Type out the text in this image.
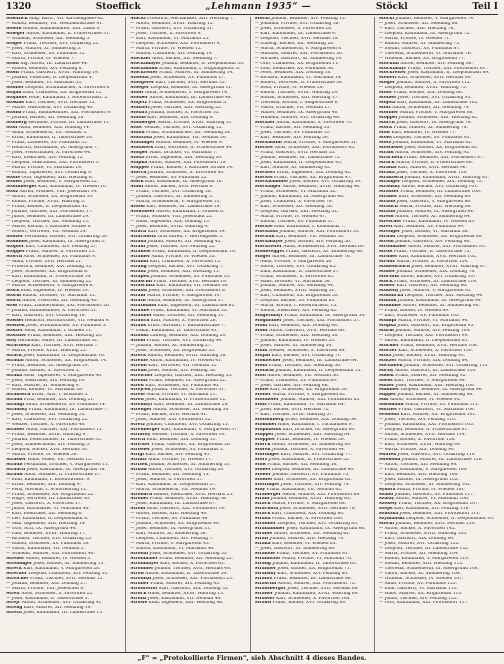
1320	Stoeffick	„Lehmann 1935“ —	Stöckl	Teil I
Stoeffick Mag. Bartl., VII. Kirchengasse 42.
— Rudolf, Beamter, VII. Westbahnstraße 41.
Stoeffl Rudolf, Bahnbeamter, XIII. Lainz 9.
Stoeger Anton, Kaufmann, II. Praterstraße 31.
— Wilhelm, Schlosser, XII. Meidling 5.
Stöger Franz, Tischler, XVI. Ottakring 22.
— Josef, Maurer, XI. Simmering 5.
— Karl, Schneider, XV. Fünfhaus 12.
— Maria, Private, IV. Wieden 7.
Stohl Ing. Alfred, III. Landstraße 44.
— Rudolf, Beamter, XIV. Penzing 8.
Stöhr Franz, Gastwirt, XVIII. Währing 19.
— Johann, Fleischer, II. Leopoldstadt 4.
— Josef, Beamter, VI. Mariahilf 33.
Stoiber Leopold, Schuhmacher, X. Favoriten 6.
Stojan Emil, Chauffeur, XX. Brigittenau 12.
Stojanov Petar, Kaufmann, I. Rotenturmstr. 3.
Stoklas Karl, Tischler, XVII. Hernals 15.
— Marie, Wäscherin, XVI. Ottakring 40.
Stolba Franz, Bahnbeamter, XXI. Floridsdorf 9.
— Johann, Bäcker, XII. Meidling 28.
Stolberg Hermine, Private, III. Landstraße 11.
Stoll Adolf, Beamter, XIX. Döbling 14.
— Anna, Schneiderin, VII. Neubau 5.
— Ernst, Kaufmann, II. Taborstraße 20.
— Franz, Lackierer, XV. Fünfhaus 31.
— Heinrich, Buchhalter, IX. Alsergrund 7.
— Josef, Fleischhauer, X. Favoriten 44.
— Karl, Elektriker, XIV. Penzing 12.
— Leopold, Maschinist, XXI. Floridsdorf 3.
— Maria, Private, VI. Mariahilf 18.
— Rudolf, Tapezierer, XVI. Ottakring 9.
Stolle Otto, Ingenieur, XIII. Hietzing 6.
Stoller Josef, Beamter, V. Margareten 22.
Stollnberger Karl, Kaufmann, IV. Wieden 10.
Stolz Alfred, Musiker, VIII. Josefstadt 14.
— Anton, Schlosser, XX. Brigittenau 30.
— Emma, Private, XVIII. Währing 5.
— Franz, Kellner, II. Leopoldstadt 41.
— Johann, Gärtner, XXI. Floridsdorf 17.
— Julius, Beamter, III. Landstraße 29.
— Leopold, Tischler, XII. Meidling 13.
— Marie, Köchin, I. Kärntner Straße 8.
— Robert, Vertreter, VII. Neubau 24.
Stolzer Ferdinand, Bäcker, XVI. Ottakring 50.
Stommel Josef, Kaufmann, IX. Alsergrund 3.
Stopfer Karl, Chauffeur, XIV. Penzing 27.
Stoppel Franz, Maurer, X. Favoriten 15.
Storch Alois, Schneider, XV. Fünfhaus 9.
— Anna, Private, XVII. Hernals 21.
— Friedrich, Beamter, XIX. Döbling 33.
— Josef, Schlosser, XX. Brigittenau 8.
— Karl, Kaufmann, II. Praterstraße 14.
— Leopold, Tischler, XI. Simmering 22.
— Maria, Schneiderin, V. Margareten 6.
Stork Emil, Ingenieur, IV. Wieden 19.
Storm Rudolf, Drucker, VI. Mariahilf 12.
Stortz Anton, Fleischer, XII. Meidling 40.
Stoß Franz, Zimmermann, XXI. Floridsdorf 26.
— Johann, Bahnbeamter, X. Favoriten 31.
— Karl, Gastwirt, XVI. Ottakring 18.
Stössel Heinrich, Buchdrucker, VII. Neubau 9.
Stoszek Josef, Schuhmacher, XV. Fünfhaus 5.
Stotter Alois, Kaufmann, I. Graben 11.
Stöttner Franz, Beamter, XIII. Hietzing 20.
Stoy Hermann, Maler, III. Landstraße 52.
Strachota Karl, Tischler, XVII. Hernals 7.
— Maria, Private, XVIII. Währing 23.
Strack Josef, Kaufmann, II. Leopoldstadt 16.
Stradal Anton, Schlosser, XX. Brigittenau 14.
— Franz, Beamter, IX. Alsergrund 29.
— Johann, Bäcker, X. Favoriten 3.
Straka Alois, Tapezierer, V. Margareten 40.
— Josef, Elektriker, XIV. Penzing 16.
— Karl, Maurer, XI. Simmering 9.
— Rudolf, Kellner, VI. Mariahilf 28.
Strakosch Ernst, Arzt, I. Wollzeile 5.
Strand Fritz, Beamter, XIX. Döbling 21.
Strangl Anna, Schneiderin, XV. Fünfhaus 14.
Stransky Franz, Kaufmann, III. Landstraße 7.
— Josef, Schlosser, XII. Meidling 35.
— Karl, Chauffeur, XVI. Ottakring 22.
— Wenzel, Tischler, X. Favoriten 48.
Straßer Adolf, Gärtner, XXI. Floridsdorf 11.
— Franz, Beamter, XVIII. Währing 9.
— Johann, Fleischhauer, II. Taborstraße 33.
— Josef, Zimmermann, XIV. Penzing 5.
— Leopold, Bäcker, XVII. Hernals 30.
— Maria, Private, IV. Wieden 26.
Strasser Hans, Maler, VII. Neubau 15.
Straub Ferdinand, Drucker, V. Margareten 11.
Strauch Josef, Kaufmann, IX. Alsergrund 18.
Strauß Adolf, Musiker, II. Praterstraße 27.
— Emil, Kaufmann, I. Rotenturmstr. 9.
— Ernst, Beamter, XIX. Döbling 4.
— Felix, Advokat, I. Schottenring 12.
— Franz, Schneider, XX. Brigittenau 22.
— Hugo, Vertreter, III. Landstraße 36.
— Josef, Gastwirt, X. Favoriten 17.
— Julius, Buchhalter, VI. Mariahilf 40.
— Karl, Elektriker, XII. Meidling 6.
— Leo, Kaufmann, II. Leopoldstadt 8.
— Max, Ingenieur, XIII. Hietzing 14.
— Otto, Arzt, IX. Alsergrund 44.
— Paul, Beamter, XVIII. Währing 17.
— Richard, Tischler, XVI. Ottakring 25.
— Rudolf, Schlosser, XV. Fünfhaus 18.
— Viktor, Kaufmann, VII. Neubau 2.
— Wilhelm, Maurer, XXI. Floridsdorf 40.
Streber Anton, Beamter, IV. Wieden 3.
Strebinger Josef, Bäcker, XI. Simmering 15.
Streck Karl, Kaufmann, V. Margareten 28.
Strecker Leopold, Chauffeur, XIV. Penzing 31.
Streicher Franz, Tischler, XVII. Hernals 12.
— Johann, Beamter, XIX. Döbling 27.
— Maria, Private, VIII. Josefstadt 6.
Streit Alois, Schlosser, X. Favoriten 22.
— Josef, Kaufmann, II. Taborstraße 5.
Strejc Anton, Schneider, XVI. Ottakring 41.
Streng Karl, Maurer, XII. Meidling 19.
Stretti Josef, Kaufmann, III. Landstraße 15.
Stöckl Friedrich, Mechaniker, XIII. Hietzing 7.
— Anton, Beamter, XVIII. Währing 12.
— Franz, Gastwirt, XVI. Ottakring 31.
— Josef, Tischler, X. Favoriten 9.
— Karl, Kaufmann, VI. Mariahilf 25.
— Leopold, Schlosser, XXI. Floridsdorf 4.
— Maria, Private, IV. Wieden 12.
— Rudolf, Chauffeur, XIV. Penzing 19.
Stöckler Alois, Bäcker, XII. Meidling 7.
Stöcklmayer Johann, Beamter, II. Leopoldstadt 30.
Stockmann Ernst, Kaufmann, I. Wipplingerstr. 8.
Stockreiter Franz, Maurer, XI. Simmering 14.
Stodola Josef, Schneider, XV. Fünfhaus 27.
Stoegerer Karl, Tischler, XVII. Hernals 33.
Stoeger Leopold, Beamter, IX. Alsergrund 11.
Stöhr Anna, Schneiderin, V. Margareten 14.
Stoiber Anton, Kaufmann, III. Landstraße 48.
Stojetz Franz, Schlosser, XX. Brigittenau 5.
Stöklerl Josef, Gärtner, XIII. Hietzing 22.
Stolarz Johann, Bäcker, X. Favoriten 35.
Stolba Karl, Beamter, XIX. Döbling 8.
Stolberger Maria, Private, XVIII. Währing 31.
Stolc Wenzel, Tischler, XVI. Ottakring 12.
Stolfa Franz, Schuhmacher, XII. Meidling 24.
Stolitzka Josef, Kaufmann, VII. Neubau 30.
Stöllinger Rudolf, Beamter, IV. Wieden 9.
Stollwerk Emil, Vertreter, II. Praterstraße 44.
Stolper Hans, Drucker, VI. Mariahilf 7.
Stoltz Ernst, Ingenieur, XIII. Hietzing 30.
Stopka Anton, Maurer, XXI. Floridsdorf 19.
Stopper Franz, Kellner, I. Kärntner Straße 14.
Storch Johann, Schlosser, X. Favoriten 40.
— Josef, Beamter, XV. Fünfhaus 22.
Stork Karl, Kaufmann, IX. Alsergrund 16.
Stößl Anton, Bäcker, XVII. Hernals 6.
— Franz, Tischler, XVI. Ottakring 38.
— Johann, Gastwirt, XI. Simmering 3.
— Maria, Schneiderin, V. Margareten 31.
Stössl Karl, Beamter, III. Landstraße 19.
Stowasser Alfred, Kaufmann, I. Graben 6.
— Franz, Musiker, VIII. Josefstadt 22.
— Hans, Ingenieur, XIX. Döbling 15.
— Josef, Beamter, XVIII. Währing 4.
Strach Karl, Schlosser, XX. Brigittenau 19.
Strachwitz Graf Alfred, I. Herrengasse 5.
Strada Johann, Maurer, XII. Meidling 42.
Strahl Josef, Tischler, XIV. Penzing 22.
Strakele Franz, Kaufmann, II. Leopoldstadt 19.
Stramer Anna, Private, IV. Wieden 35.
Strandl Karl, Chauffeur, X. Favoriten 12.
Strang Leopold, Bäcker, XVI. Ottakring 7.
Stranz Josef, Beamter, XIII. Hietzing 11.
Strapek Johann, Schneider, XV. Fünfhaus 33.
Straschil Franz, Tischler, XVII. Hernals 19.
Straschitz Karl, Kaufmann, VII. Neubau 36.
Strassl Josef, Schlosser, XXI. Floridsdorf 8.
Straßl Maria, Private, V. Margareten 19.
Stratil Anton, Beamter, IX. Alsergrund 37.
Stratmann Emil, Ingenieur, III. Landstraße 61.
Straube Franz, Kaufmann, VI. Mariahilf 33.
Strauber Hans, Drucker, XII. Meidling 11.
Strauch Karl, Maurer, X. Favoriten 26.
Straus Ernst, Advokat, I. Rathausstraße 7.
— Oskar, Kaufmann, II. Taborstraße 41.
Strausz Ludwig, Beamter, XIX. Döbling 29.
Strebl Franz, Tischler, XVI. Ottakring 44.
— Johann, Bäcker, XI. Simmering 27.
— Josef, Schlosser, XX. Brigittenau 33.
Streck Rudolf, Beamter, XVIII. Währing 26.
Strehle Anton, Kaufmann, IV. Wieden 41.
Strehn Karl, Vertreter, VII. Neubau 12.
Streibl Josef, Maurer, XIV. Penzing 38.
Streicher Leopold, Gärtner, XIII. Hietzing 35.
Streinz Franz, Beamter, IX. Alsergrund 22.
Streit Karl, Schneider, XV. Fünfhaus 40.
Strejcek Johann, Tischler, X. Favoriten 51.
Strele Maria, Private, VI. Mariahilf 21.
Strell Josef, Kaufmann, II. Praterstraße 12.
Stremayr Karl, Beamter, III. Landstraße 24.
Strenger Anton, Schlosser, XII. Meidling 30.
— Franz, Bäcker, XVII. Hernals 41.
— Josef, Maurer, XXI. Floridsdorf 32.
Stretz Johann, Chauffeur, XVI. Ottakring 15.
Streuberger Karl, Kaufmann, V. Margareten 37.
Stribrny Wenzel, Tischler, X. Favoriten 18.
Strich Emil, Beamter, XIX. Döbling 11.
Stricker Franz, Gastwirt, XX. Brigittenau 26.
Strieder Josef, Schneider, XV. Fünfhaus 3.
Strigl Karl, Bäcker, XIV. Penzing 41.
Strinzl Anna, Private, IV. Wieden 17.
Strizek Johann, Schlosser, XI. Simmering 31.
Strnad Anton, Tischler, XVI. Ottakring 29.
— Franz, Beamter, XII. Meidling 15.
— Josef, Maurer, X. Favoriten 57.
— Karl, Kaufmann, II. Leopoldstadt 27.
— Maria, Schneiderin, VII. Neubau 19.
Strobach Rudolf, Elektriker, XVII. Hernals 25.
Strobel Franz, Beamter, XVIII. Währing 38.
— Josef, Kaufmann, III. Landstraße 67.
Strobl Alois, Gastwirt, XXI. Floridsdorf 14.
— Anton, Bäcker, XIII. Hietzing 40.
— Franz, Tischler, XV. Fünfhaus 48.
— Johann, Schlosser, XX. Brigittenau 40.
— Josef, Beamter, IX. Alsergrund 31.
— Karl, Maurer, XI. Simmering 36.
— Leopold, Chauffeur, XIV. Penzing 7.
— Maria, Private, V. Margareten 43.
— Rudolf, Kaufmann, VI. Mariahilf 46.
Strohal Josef, Schneider, XVI. Ottakring 53.
Strohmaier Franz, Beamter, XII. Meidling 22.
Strohmayer Karl, Bäcker, X. Favoriten 63.
Strohmer Johann, Tischler, XVII. Hernals 48.
Stroß Anton, Kaufmann, II. Taborstraße 50.
Strouhal Josef, Schlosser, XXI. Floridsdorf 23.
Struber Franz, Maurer, XIV. Penzing 45.
Strubreiter Karl, Gastwirt, XIX. Döbling 35.
Struck Hans, Beamter, XVIII. Währing 13.
Strunz Josef, Kaufmann, VII. Neubau 44.
Struwe Emil, Ingenieur, XIII. Hietzing 46.
Stöckl Johann, Beamter, XIV. Penzing 13.
— Johanna, Private, XVI. Ottakring 36.
— Josef, Schlosser, X. Favoriten 28.
— Karl, Kaufmann, III. Landstraße 9.
— Leopold, Tischler, XVII. Hernals 18.
— Ludwig, Bäcker, XII. Meidling 26.
— Maria, Schneiderin, V. Margareten 8.
— Mathias, Maurer, XXI. Floridsdorf 36.
— Michael, Gastwirt, XI. Simmering 19.
— Otto, Chauffeur, XX. Brigittenau 11.
— Paul, Elektriker, XV. Fünfhaus 36.
— Peter, Beamter, XIX. Döbling 18.
— Richard, Kaufmann, VI. Mariahilf 14.
— Robert, Vertreter, II. Praterstraße 36.
— Rosa, Private, IV. Wieden 28.
— Rudolf, Tischler, XVIII. Währing 29.
— Stefan, Schlosser, XIII. Hietzing 17.
— Theresia, Köchin, I. Singerstraße 6.
— Viktor, Drucker, VII. Neubau 27.
— Walter, Beamter, IX. Alsergrund 40.
— Wilhelm, Maurer, XVI. Ottakring 48.
Stöckler Anton, Kaufmann, X. Favoriten 70.
— Franz, Bäcker, XII. Meidling 33.
— Josef, Tischler, XV. Fünfhaus 51.
— Karl, Beamter, XIV. Penzing 50.
Stöckmann Maria, Private, V. Margareten 51.
Stocker Alois, Schlosser, XXI. Floridsdorf 45.
— Franz, Gastwirt, XVII. Hernals 55.
— Johann, Beamter, III. Landstraße 72.
— Josef, Kaufmann, II. Leopoldstadt 45.
— Karl, Maurer, XI. Simmering 42.
Stockert Ernst, Ingenieur, XIX. Döbling 42.
Stöckel Franz, Tischler, XX. Brigittenau 47.
Stockhammer Josef, Bäcker, XVI. Ottakring 59.
Stockinger Anton, Beamter, XVIII. Währing 44.
— Franz, Schneider, VI. Mariahilf 52.
— Johann, Kaufmann, IX. Alsergrund 48.
— Josef, Chauffeur, X. Favoriten 76.
— Karl, Schlosser, XII. Meidling 38.
— Leopold, Gärtner, XIII. Hietzing 52.
— Maria, Private, IV. Wieden 47.
— Rudolf, Tischler, XV. Fünfhaus 57.
Stöckle Emil, Kaufmann, I. Kohlmarkt 7.
Stocklasa Johann, Maurer, XXI. Floridsdorf 51.
Stöcklin Karl, Beamter, VII. Neubau 50.
Stockmayer Josef, Bäcker, XIV. Penzing 56.
Stockreiter Anna, Schneiderin, XVII. Hernals 60.
Stoderegger Franz, Gastwirt, XI. Simmering 48.
Stöger Alfred, Beamter, III. Landstraße 78.
— Anna, Private, V. Margareten 56.
— Anton, Tischler, XVI. Ottakring 65.
— Emil, Kaufmann, II. Taborstraße 57.
— Franz, Schlosser, X. Favoriten 82.
— Hans, Drucker, VI. Mariahilf 58.
— Johann, Maurer, XII. Meidling 44.
— Josef, Beamter, XVIII. Währing 51.
— Karl, Chauffeur, XX. Brigittenau 53.
— Leopold, Bäcker, XV. Fünfhaus 63.
— Maria, Köchin, I. Rotenturmstr. 15.
— Rudolf, Elektriker, XIV. Penzing 62.
Stögermayr Franz, Kaufmann, IX. Alsergrund 54.
Stögmüller Josef, Tischler, XXI. Floridsdorf 57.
Stohl Karl, Beamter, XIX. Döbling 48.
Stöhr Anton, Gastwirt, XVII. Hernals 66.
— Franz, Schneider, XIII. Hietzing 58.
— Johann, Kaufmann, IV. Wieden 53.
— Josef, Maurer, XI. Simmering 54.
Stoik Wenzel, Schlosser, X. Favoriten 88.
Stojan Karl, Bäcker, XVI. Ottakring 71.
Stöklöcker Josef, Beamter, III. Landstraße 84.
Stola Franz, Tischler, XII. Meidling 50.
Stolarik Johann, Kaufmann, II. Leopoldstadt 51.
Stoll Anton, Beamter, VII. Neubau 56.
— Franz, Chauffeur, XV. Fünfhaus 69.
— Josef, Gärtner, XIV. Penzing 68.
Stolle Karl, Schlosser, XX. Brigittenau 59.
Stöller Maria, Private, V. Margareten 62.
Stollhofer Johann, Maurer, XXI. Floridsdorf 63.
Stolz Franz, Kaufmann, VI. Mariahilf 64.
— Josef, Bäcker, XVII. Hernals 72.
— Karl, Tischler, XVIII. Währing 57.
Stolzenberg Ernst, Beamter, XIX. Döbling 54.
Stommel Hans, Kaufmann, I. Tuchlauben 9.
Stöphasius Karl, Drucker, IX. Alsergrund 60.
Stopper Josef, Schneider, XIII. Hietzing 64.
Stöppler Franz, Beamter, IV. Wieden 59.
Storck Anton, Schlosser, XI. Simmering 60.
Storek Johann, Tischler, X. Favoriten 94.
Storfinger Karl, Maurer, XVI. Ottakring 77.
Storz Josef, Kaufmann, II. Praterstraße 52.
Stöß Franz, Bäcker, XII. Meidling 56.
Stößel Leopold, Beamter, III. Landstraße 90.
Stoßer Johann, Gastwirt, XV. Fünfhaus 75.
Stoßier Karl, Schlosser, XX. Brigittenau 65.
Stöttinger Josef, Tischler, XIV. Penzing 74.
Stoy Franz, Kaufmann, VII. Neubau 62.
Straberger Anton, Maurer, XXI. Floridsdorf 69.
Strabl Johann, Beamter, XVIII. Währing 63.
Strach Maria, Private, V. Margareten 68.
Strachota Josef, Schneider, XVII. Hernals 78.
Strack Karl, Chauffeur, XIX. Döbling 60.
Strada Franz, Bäcker, X. Favoriten 100.
Stradner Leopold, Tischler, XVI. Ottakring 83.
Strahammer Josef, Kaufmann, IX. Alsergrund 66.
Strähle Anton, Schlosser, XII. Meidling 62.
Straif Johann, Maurer, XIII. Hietzing 70.
Straka Karl, Beamter, IV. Wieden 65.
— Josef, Gastwirt, XI. Simmering 66.
Strakele Franz, Tischler, XV. Fünfhaus 81.
Stramitzer Maria, Private, VI. Mariahilf 70.
Strang Johann, Kaufmann, II. Taborstraße 63.
Stranner Josef, Bäcker, XX. Brigittenau 71.
Stransky Karl, Schlosser, XIV. Penzing 80.
Strantz Franz, Beamter, III. Landstraße 96.
Straschil Anton, Maurer, XXI. Floridsdorf 75.
Strassberger Josef, Tischler, XVII. Hernals 84.
Straßer Johann, Kaufmann, XVIII. Währing 69.
Strasser Karl, Schneider, X. Favoriten 106.
Strassl Franz, Bäcker, XVI. Ottakring 89.
Stöckl Johann, Beamter, V. Margareten 74.
— Josef, Schlosser, XII. Meidling 68.
— Karl, Tischler, XIII. Hietzing 76.
— Leopold, Kaufmann, IX. Alsergrund 72.
— Maria, Private, IV. Wieden 71.
— Rudolf, Maurer, XI. Simmering 72.
— Stefan, Gastwirt, XV. Fünfhaus 87.
— Theresia, Schneiderin, VI. Mariahilf 76.
— Wilhelm, Bäcker, XX. Brigittenau 77.
Stöcklin Anton, Beamter, XIV. Penzing 86.
Stöcklmayr Franz, Tischler, XXI. Floridsdorf 81.
Stockreiter Josef, Kaufmann, II. Leopoldstadt 69.
Stoderl Karl, Schlosser, XVII. Hernals 90.
Stöger Johann, Maurer, X. Favoriten 112.
— Leopold, Beamter, XVIII. Währing 75.
Stöhr Franz, Bäcker, XIX. Döbling 66.
Stoiber Josef, Tischler, XVI. Ottakring 95.
Stojetz Karl, Kaufmann, III. Landstraße 102.
Stolz Anton, Schneider, XII. Meidling 74.
Stöllner Maria, Private, V. Margareten 80.
Stoppel Johann, Schlosser, XIII. Hietzing 82.
Storch Josef, Gastwirt, IX. Alsergrund 78.
Stork Franz, Maurer, XI. Simmering 78.
Stoß Karl, Beamter, IV. Wieden 77.
Stößl Leopold, Tischler, XV. Fünfhaus 93.
Stotz Johann, Kaufmann, VI. Mariahilf 82.
Stowasser Josef, Bäcker, XX. Brigittenau 83.
Strabl Anton, Schlosser, XIV. Penzing 92.
Strachota Franz, Beamter, XXI. Floridsdorf 87.
Strack Maria, Private, II. Praterstraße 68.
Stradal Karl, Maurer, XVII. Hernals 96.
Straka Josef, Tischler, X. Favoriten 118.
Strakosch Johann, Kaufmann, XVIII. Währing 81.
Stranger Leopold, Schneider, XIX. Döbling 72.
Stransky Anton, Bäcker, XVI. Ottakring 101.
Strasser Franz, Beamter, III. Landstraße 108.
Straßer Karl, Schlosser, XII. Meidling 80.
Straub Josef, Gastwirt, V. Margareten 86.
Strauch Maria, Private, XIII. Hietzing 88.
Strauß Johann, Maurer, IX. Alsergrund 84.
Strebl Anton, Tischler, XI. Simmering 84.
Streicher Franz, Kaufmann, IV. Wieden 83.
Streit Karl, Beamter, XV. Fünfhaus 99.
Strenger Josef, Bäcker, VI. Mariahilf 88.
Strnad Leopold, Schlosser, XX. Brigittenau 89.
Strobl Johann, Gastwirt, XIV. Penzing 98.
Strohmaier Anton, Maurer, XXI. Floridsdorf 93.
Stroß Franz, Tischler, II. Taborstraße 75.
Struber Karl, Kaufmann, XVII. Hernals 102.
Strunz Maria, Private, X. Favoriten 124.
Stubenrauch Josef, Beamter, XVIII. Währing 87.
Stuber Johann, Schneider, XIX. Döbling 78.
Stuchlik Anton, Bäcker, XVI. Ottakring 107.
Stuck Franz, Schlosser, III. Landstraße 114.
Studer Karl, Gastwirt, XII. Meidling 86.
Studeny Josef, Maurer, V. Margareten 92.
Studnicka Leopold, Tischler, XIII. Hietzing 94.
Stuhlik Johann, Kaufmann, IX. Alsergrund 90.
Stummer Anton, Beamter, XI. Simmering 90.
— Franz, Bäcker, IV. Wieden 89.
— Karl, Schlosser, XV. Fünfhaus 105.
Stumpf Maria, Private, VI. Mariahilf 94.
Stupka Josef, Gastwirt, XX. Brigittenau 95.
Sturm Johann, Maurer, XIV. Penzing 104.
— Leopold, Tischler, XXI. Floridsdorf 99.
— Anton, Kaufmann, II. Leopoldstadt 81.
Stürmer Franz, Beamter, XVII. Hernals 108.
Stürzer Karl, Schneider, X. Favoriten 130.
Stütz Josef, Bäcker, XVIII. Währing 93.
Stutzer Maria, Private, XIX. Döbling 84.
Suchanek Johann, Schlosser, XVI. Ottakring 113.
Suchy Anton, Gastwirt, III. Landstraße 120.
Sudek Franz, Maurer, XII. Meidling 92.
Suess Karl, Tischler, V. Margareten 98.
Sulzer Josef, Kaufmann, XIII. Hietzing 100.
Summer Leopold, Beamter, IX. Alsergrund 96.
Supper Johann, Bäcker, XI. Simmering 96.
Süß Anton, Schlosser, IV. Wieden 95.
Sussmann Maria, Private, XV. Fünfhaus 111.
Suttner Franz, Gastwirt, VI. Mariahilf 100.
Svoboda Karl, Maurer, XX. Brigittenau 101.
— Josef, Tischler, XIV. Penzing 110.
— Johann, Kaufmann, XXI. Floridsdorf 105.
— Leopold, Beamter, II. Praterstraße 87.
— Anton, Schneider, XVII. Hernals 114.
— Franz, Bäcker, X. Favoriten 136.
— Karl, Schlosser, XVIII. Währing 99.
— Maria, Private, XIX. Döbling 90.
Swatek Josef, Gastwirt, XVI. Ottakring 119.
Swoboda Johann, Maurer, III. Landstraße 126.
— Anton, Tischler, XII. Meidling 98.
— Franz, Kaufmann, V. Margareten 104.
— Karl, Beamter, XIII. Hietzing 106.
— Josef, Bäcker, IX. Alsergrund 102.
— Leopold, Schlosser, XI. Simmering 102.
Sykora Maria, Private, IV. Wieden 101.
Szabo Johann, Gastwirt, XV. Fünfhaus 117.
Szalay Anton, Maurer, VI. Mariahilf 106.
Szekely Franz, Tischler, XX. Brigittenau 107.
Szeps Karl, Kaufmann, XIV. Penzing 116.
Szuszka Josef, Beamter, XXI. Floridsdorf 111.
Szymanski Leopold, Schneider, II. Leopoldstadt 93.
Stöckl Johann, Beamter, XVII. Hernals 120.
— Anton, Bäcker, X. Favoriten 142.
— Franz, Schlosser, XVIII. Währing 105.
— Karl, Gastwirt, XIX. Döbling 96.
— Josef, Maurer, XVI. Ottakring 125.
— Leopold, Tischler, III. Landstraße 132.
— Maria, Private, XII. Meidling 104.
— Rudolf, Kaufmann, V. Margareten 110.
— Stefan, Beamter, XIII. Hietzing 112.
— Theresia, Schneiderin, IX. Alsergrund 108.
— Viktor, Bäcker, XI. Simmering 108.
— Wilhelm, Schlosser, IV. Wieden 107.
— Anna, Private, XV. Fünfhaus 123.
— Emil, Gastwirt, VI. Mariahilf 112.
— Hans, Maurer, XX. Brigittenau 113.
— Julius, Tischler, XIV. Penzing 122.
— Otto, Kaufmann, XXI. Floridsdorf 117.
„F“ = „Protokollierte Firmen“, sieh Abschnitt 4 dieses Bandes.
